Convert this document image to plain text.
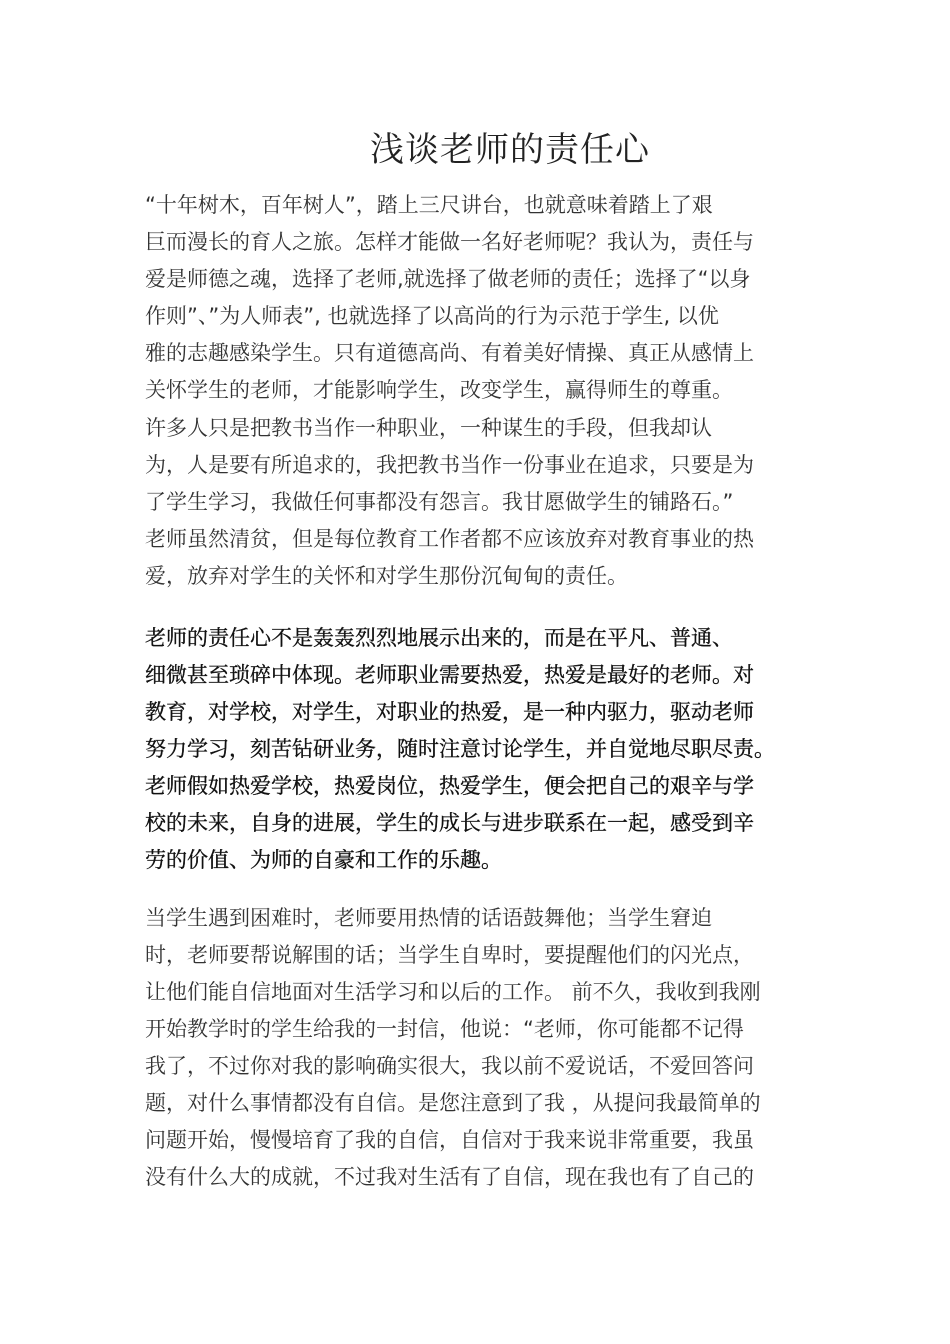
浅谈老师的责任心
“十年树木，百年树人”，踏上三尺讲台，也就意味着踏上了艰
巨而漫长的育人之旅。怎样才能做一名好老师呢？我认为，责任与
爱是师德之魂，选择了老师,就选择了做老师的责任；选择了“以身
作则”、”为人师表”, 也就选择了以高尚的行为示范于学生, 以优
雅的志趣感染学生。只有道德高尚、有着美好情操、真正从感情上
关怀学生的老师，才能影响学生，改变学生，赢得师生的尊重。
许多人只是把教书当作一种职业，一种谋生的手段，但我却认
为，人是要有所追求的，我把教书当作一份事业在追求，只要是为
了学生学习，我做任何事都没有怨言。我甘愿做学生的铺路石。”
老师虽然清贫，但是每位教育工作者都不应该放弃对教育事业的热
爱，放弃对学生的关怀和对学生那份沉甸甸的责任。
老师的责任心不是轰轰烈烈地展示出来的，而是在平凡、普通、
细微甚至琐碎中体现。老师职业需要热爱，热爱是最好的老师。对
教育，对学校，对学生，对职业的热爱，是一种内驱力，驱动老师
努力学习，刻苦钻研业务，随时注意讨论学生，并自觉地尽职尽责。
老师假如热爱学校，热爱岗位，热爱学生，便会把自己的艰辛与学
校的未来，自身的进展，学生的成长与进步联系在一起，感受到辛
劳的价值、为师的自豪和工作的乐趣。
当学生遇到困难时，老师要用热情的话语鼓舞他；当学生窘迫
时，老师要帮说解围的话；当学生自卑时，要提醒他们的闪光点，
让他们能自信地面对生活学习和以后的工作。 前不久，我收到我刚
开始教学时的学生给我的一封信，他说：“老师，你可能都不记得
我了，不过你对我的影响确实很大，我以前不爱说话，不爱回答问
题，对什么事情都没有自信。是您注意到了我 ，从提问我最简单的
问题开始，慢慢培育了我的自信，自信对于我来说非常重要，我虽
没有什么大的成就，不过我对生活有了自信，现在我也有了自己的
